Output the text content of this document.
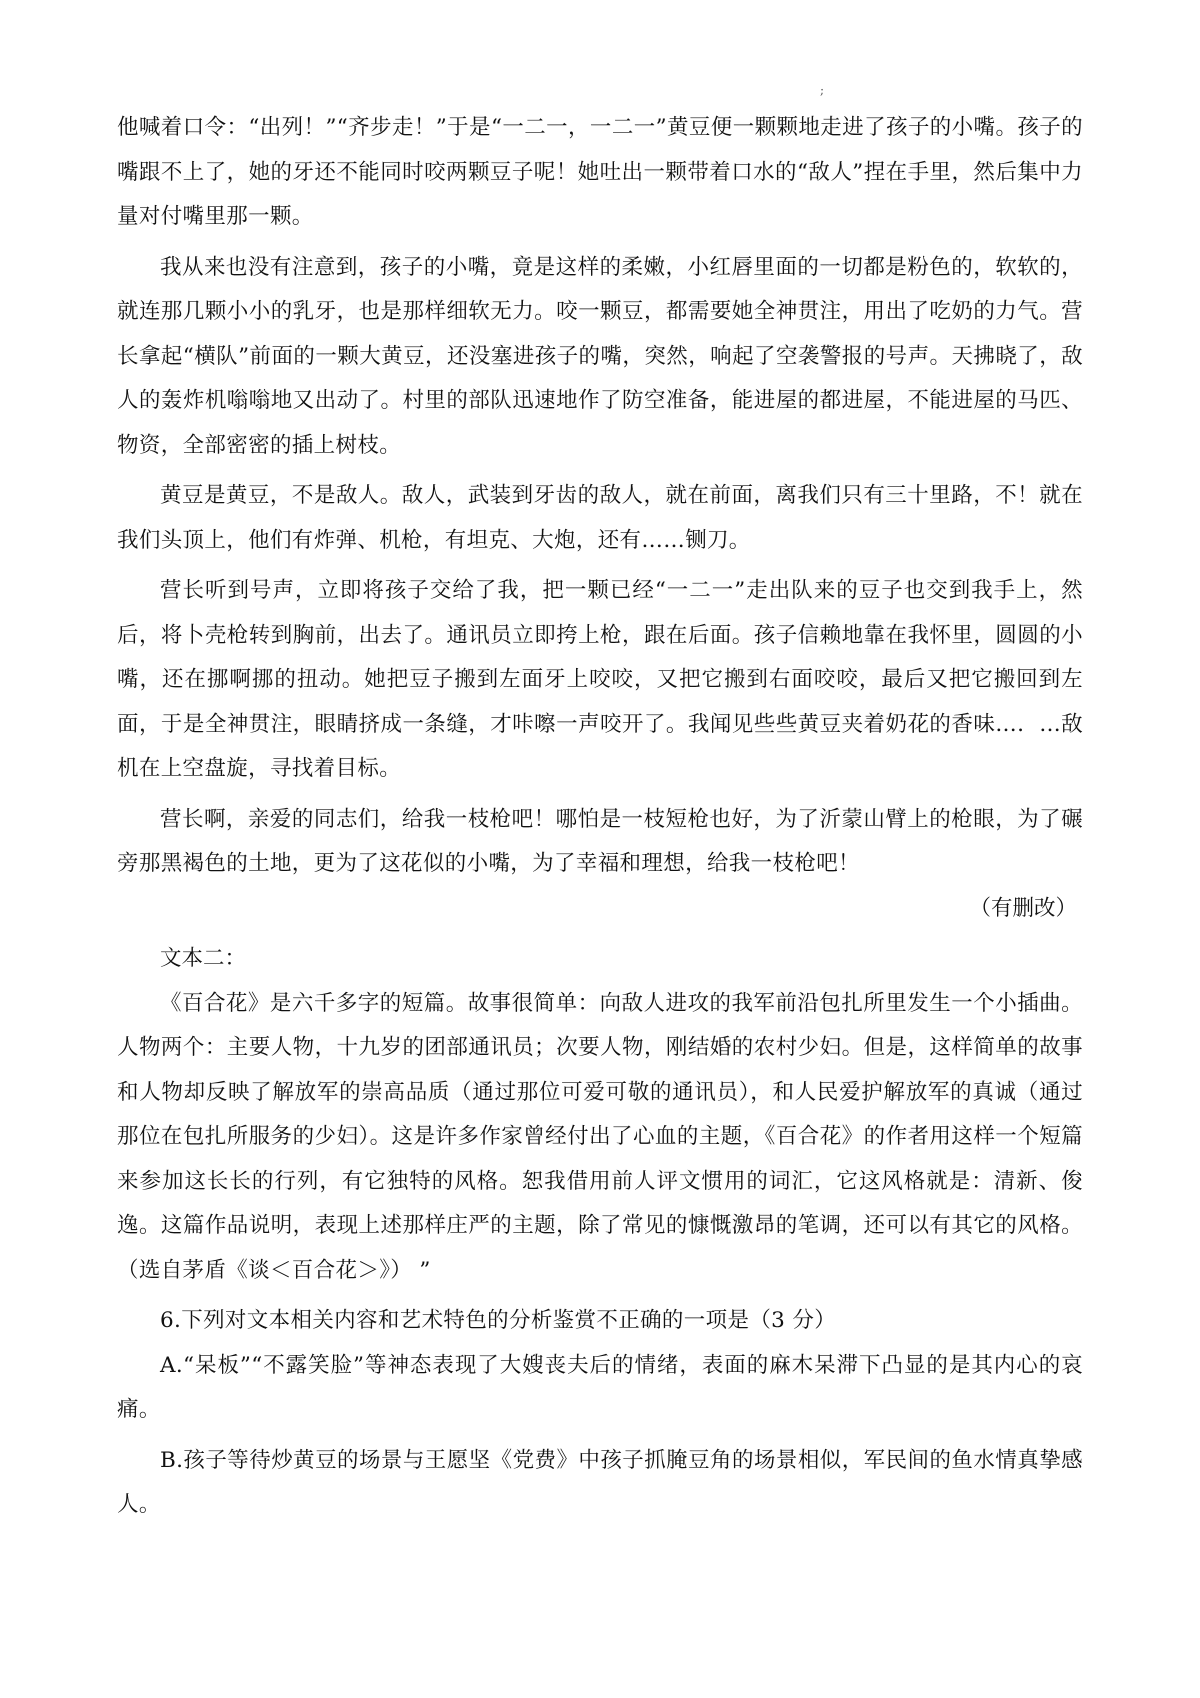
;

他喊着口令：“出列！”“齐步走！”于是“一二一，一二一”黄豆便一颗颗地走进了孩子的小嘴。孩子的嘴跟不上了，她的牙还不能同时咬两颗豆子呢！她吐出一颗带着口水的“敌人”捏在手里，然后集中力量对付嘴里那一颗。

我从来也没有注意到，孩子的小嘴，竟是这样的柔嫩，小红唇里面的一切都是粉色的，软软的，就连那几颗小小的乳牙，也是那样细软无力。咬一颗豆，都需要她全神贯注，用出了吃奶的力气。营长拿起“横队”前面的一颗大黄豆，还没塞进孩子的嘴，突然，响起了空袭警报的号声。天拂晓了，敌人的轰炸机嗡嗡地又出动了。村里的部队迅速地作了防空准备，能进屋的都进屋，不能进屋的马匹、物资，全部密密的插上树枝。

黄豆是黄豆，不是敌人。敌人，武装到牙齿的敌人，就在前面，离我们只有三十里路，不！就在我们头顶上，他们有炸弹、机枪，有坦克、大炮，还有……铡刀。

营长听到号声，立即将孩子交给了我，把一颗已经“一二一”走出队来的豆子也交到我手上，然后，将卜壳枪转到胸前，出去了。通讯员立即挎上枪，跟在后面。孩子信赖地靠在我怀里，圆圆的小嘴，还在挪啊挪的扭动。她把豆子搬到左面牙上咬咬，又把它搬到右面咬咬，最后又把它搬回到左面，于是全神贯注，眼睛挤成一条缝，才咔嚓一声咬开了。我闻见些些黄豆夹着奶花的香味…．…敌机在上空盘旋，寻找着目标。

营长啊，亲爱的同志们，给我一枝枪吧！哪怕是一枝短枪也好，为了沂蒙山臂上的枪眼，为了碾旁那黑褐色的土地，更为了这花似的小嘴，为了幸福和理想，给我一枝枪吧！

（有删改）

文本二：

《百合花》是六千多字的短篇。故事很简单：向敌人进攻的我军前沿包扎所里发生一个小插曲。人物两个：主要人物，十九岁的团部通讯员；次要人物，刚结婚的农村少妇。但是，这样简单的故事和人物却反映了解放军的崇高品质（通过那位可爱可敬的通讯员），和人民爱护解放军的真诚（通过那位在包扎所服务的少妇）。这是许多作家曾经付出了心血的主题，《百合花》的作者用这样一个短篇来参加这长长的行列，有它独特的风格。恕我借用前人评文惯用的词汇，它这风格就是：清新、俊逸。这篇作品说明，表现上述那样庄严的主题，除了常见的慷慨激昂的笔调，还可以有其它的风格。 （选自茅盾《谈＜百合花＞》） ”

6.下列对文本相关内容和艺术特色的分析鉴赏不正确的一项是（3 分）

A.“呆板”“不露笑脸”等神态表现了大嫂丧夫后的情绪，表面的麻木呆滞下凸显的是其内心的哀痛。

B.孩子等待炒黄豆的场景与王愿坚《党费》中孩子抓腌豆角的场景相似，军民间的鱼水情真挚感人。
